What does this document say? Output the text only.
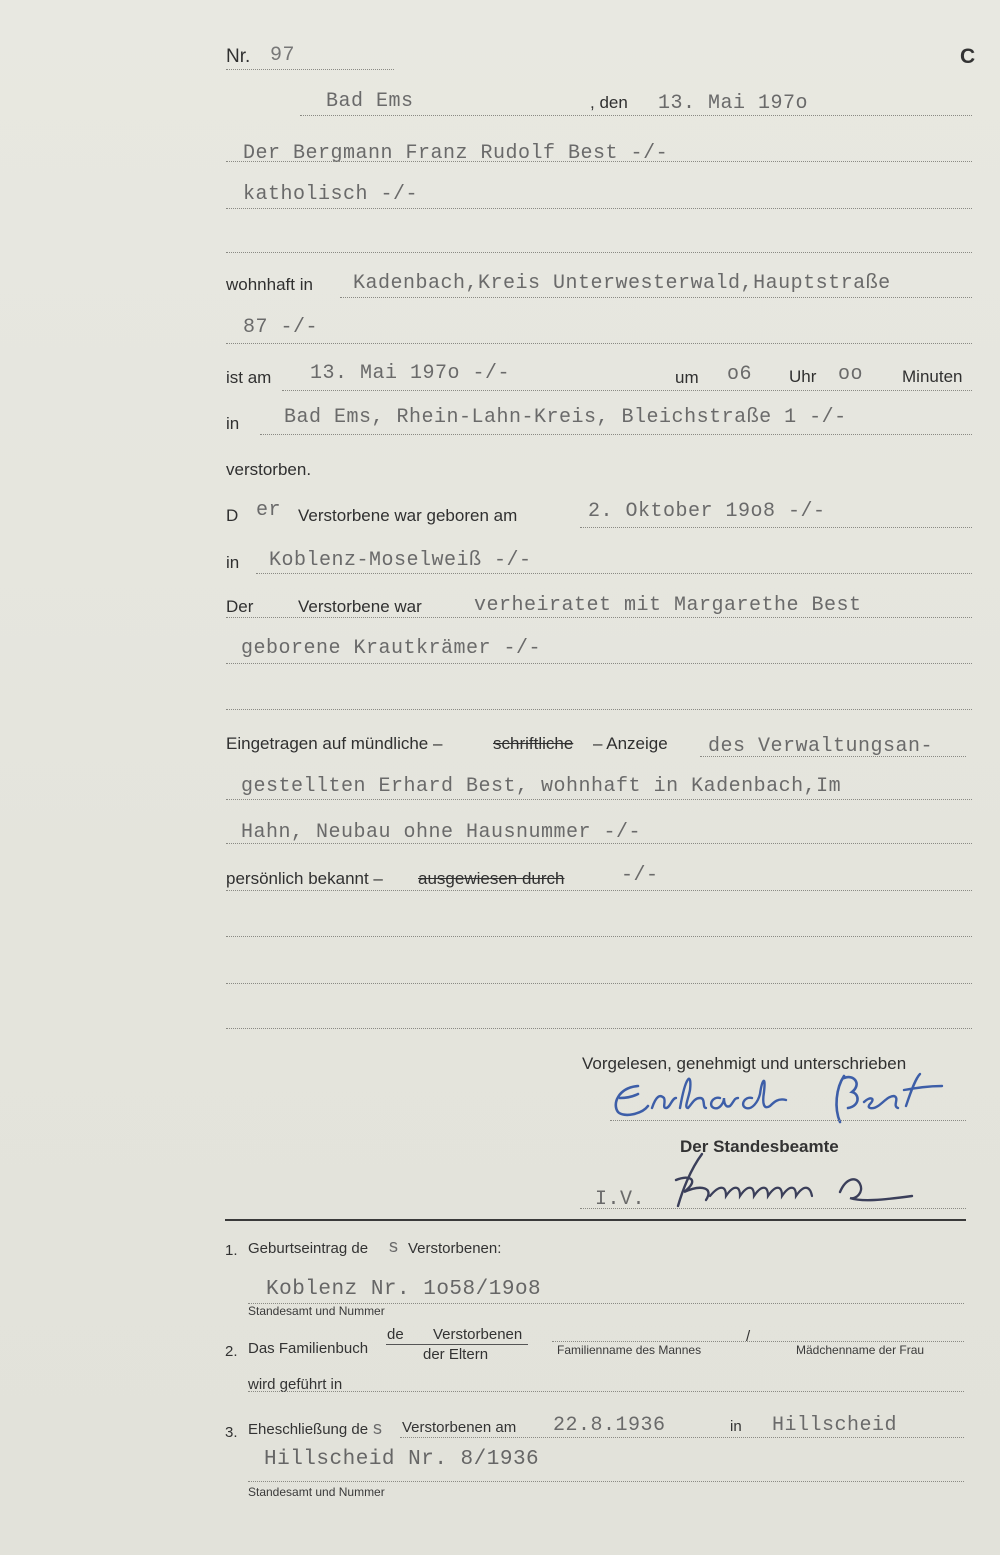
Nr. 97	C
Bad Ems	, den 13. Mai 197o
Der Bergmann Franz Rudolf Best -/-
katholisch -/-
wohnhaft in Kadenbach,Kreis Unterwesterwald,Hauptstraße
87 -/-
ist am 13. Mai 197o -/-	um o6 Uhr oo Minuten
in Bad Ems, Rhein-Lahn-Kreis, Bleichstraße 1 -/-
verstorben.
D er Verstorbene war geboren am	2. Oktober 19o8 -/-
in Koblenz-Moselweiß -/-
Der	Verstorbene war	verheiratet mit Margarethe Best
geborene Krautkrämer -/-
Eingetragen auf mündliche –	schriftliche – Anzeige des Verwaltungsan-
gestellten Erhard Best, wohnhaft in Kadenbach,Im
Hahn, Neubau ohne Hausnummer -/-
persönlich bekannt – ausgewiesen durch	-/-
Vorgelesen, genehmigt und unterschrieben
Der Standesbeamte
I.V.
1. Geburtseintrag de s Verstorbenen:
Koblenz Nr. 1o58/19o8
Standesamt und Nummer
2. Das Familienbuch
de Verstorbenen
der Eltern	Familienname des Mannes
/
Mädchenname der Frau
wird geführt in
3. Eheschließung de s Verstorbenen am 22.8.1936	in Hillscheid
Hillscheid Nr. 8/1936
Standesamt und Nummer
